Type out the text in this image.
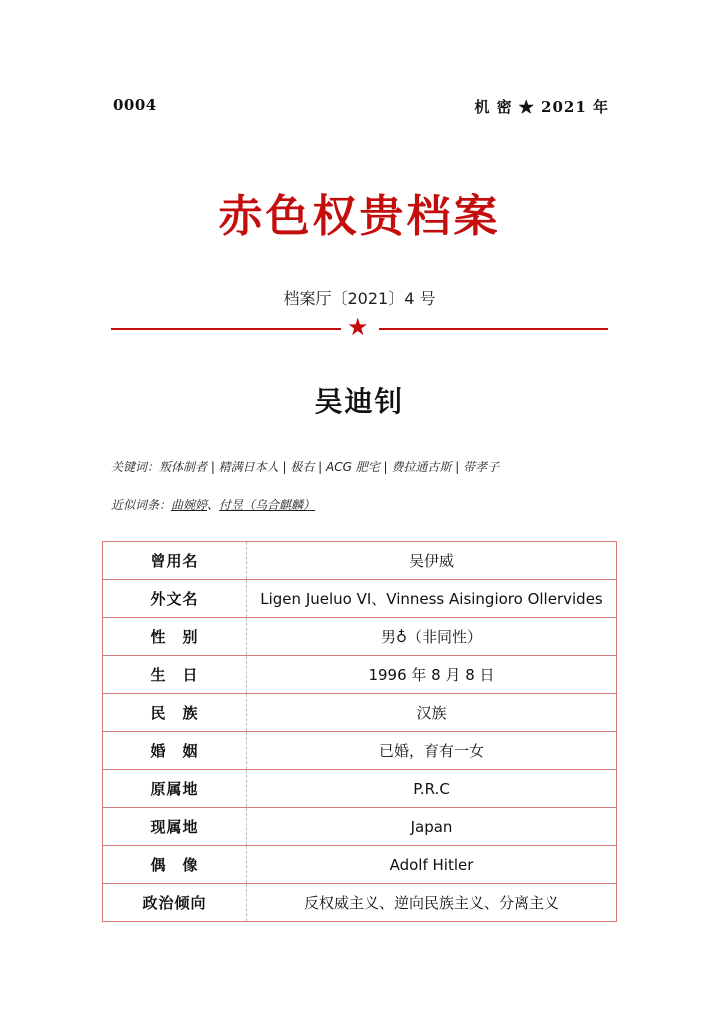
0004	机 密 ★ 2021 年
赤色权贵档案
档案厅〔2021〕4 号
★
吴迪钊
关键词：叛体制者 | 精满日本人 | 极右 | ACG 肥宅 | 费拉通古斯 | 带孝子
近似词条：曲婉婷、付昱（乌合麒麟）
曾用名	吴伊威
外文名	Ligen Jueluo VI、Vinness Aisingioro Ollervides
性　别	男♁（非同性）
生　日	1996 年 8 月 8 日
民　族	汉族
婚　姻	已婚，育有一女
原属地	P.R.C
现属地	Japan
偶　像	Adolf Hitler
政治倾向	反权威主义、逆向民族主义、分离主义
